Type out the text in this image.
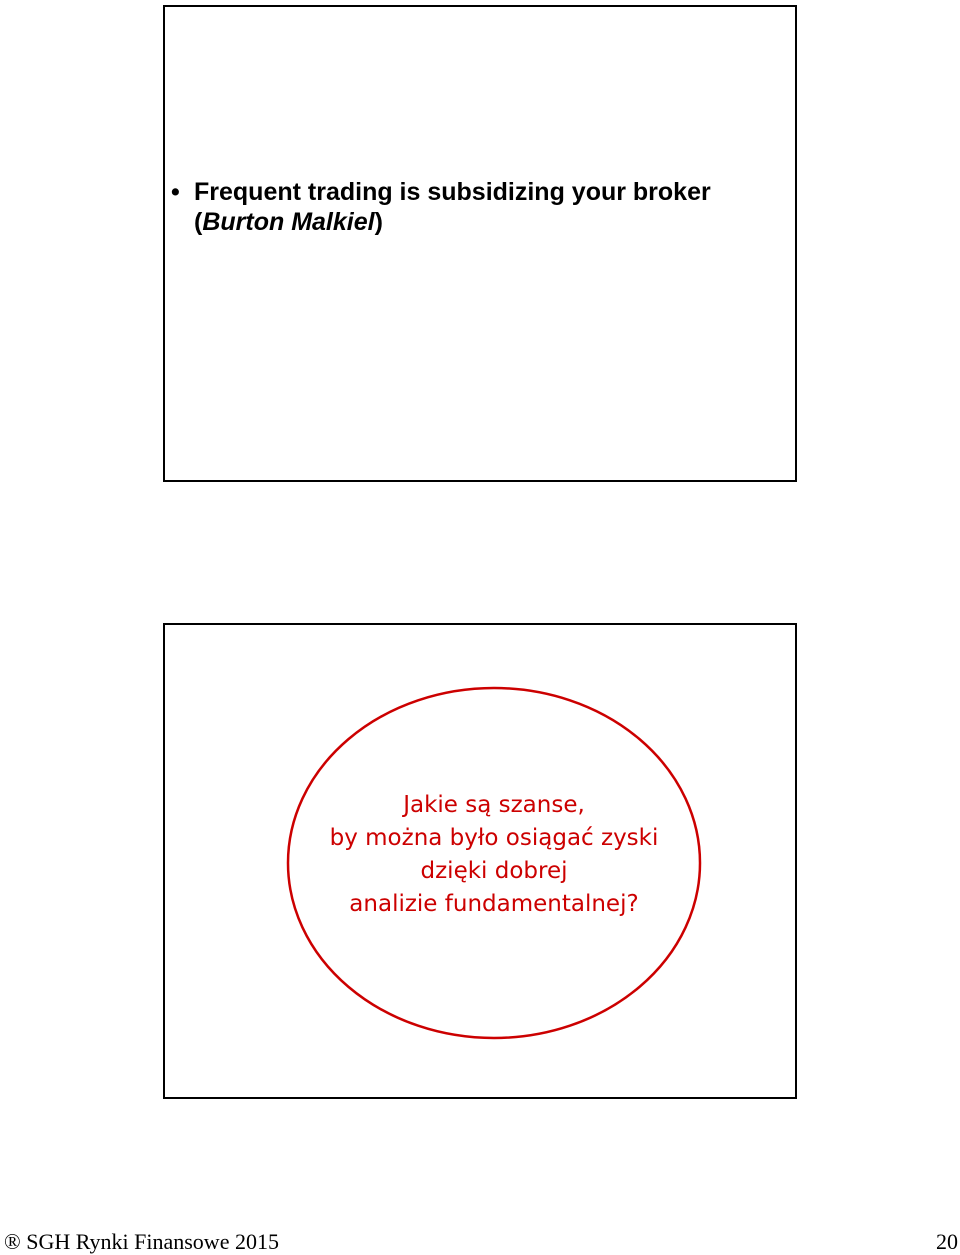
• Frequent trading is subsidizing your broker
(Burton Malkiel)
Jakie są szanse,
by można było osiągać zyski
dzięki dobrej
analizie fundamentalnej?
® SGH Rynki Finansowe 2015	20
